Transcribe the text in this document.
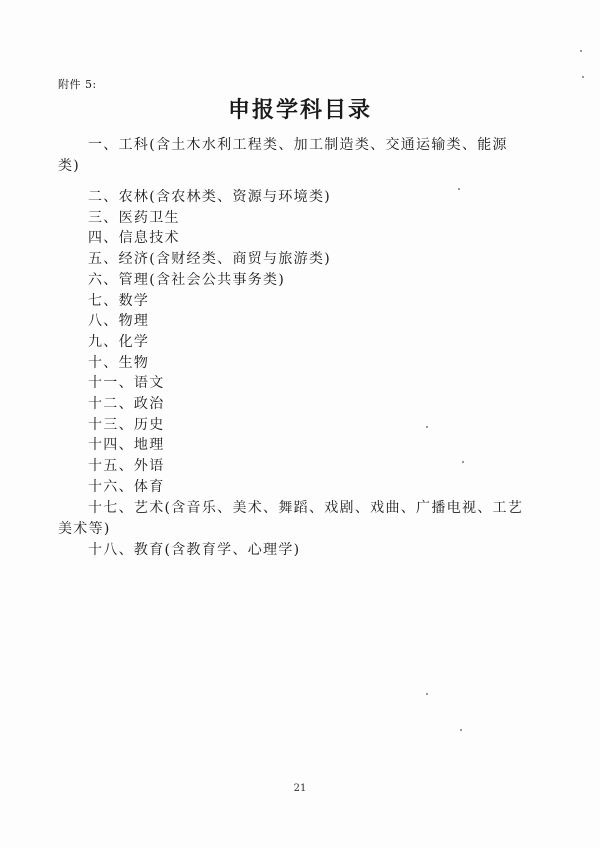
附件 5:
申报学科目录
一、工科(含土木水利工程类、加工制造类、交通运输类、能源类)
二、农林(含农林类、资源与环境类)
三、医药卫生
四、信息技术
五、经济(含财经类、商贸与旅游类)
六、管理(含社会公共事务类)
七、数学
八、物理
九、化学
十、生物
十一、语文
十二、政治
十三、历史
十四、地理
十五、外语
十六、体育
十七、艺术(含音乐、美术、舞蹈、戏剧、戏曲、广播电视、工艺美术等)
十八、教育(含教育学、心理学)
21
